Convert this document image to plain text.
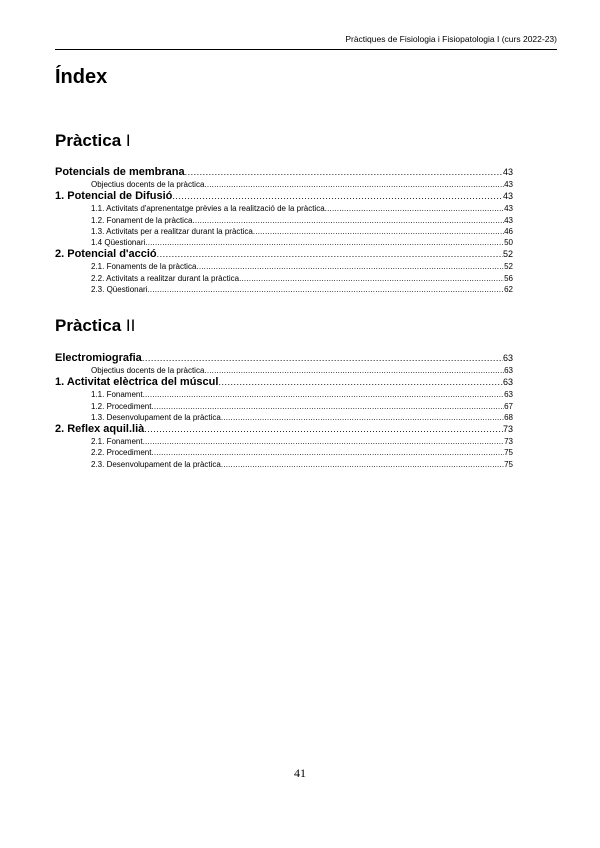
Pràctiques de Fisiologia i Fisiopatologia I (curs 2022-23)
Índex
Pràctica I
Potencials de membrana .....	43
Objectius docents de la pràctica .....	43
1. Potencial de Difusió .....	43
1.1. Activitats d'aprenentatge prèvies a la realització de la pràctica .....	43
1.2. Fonament de la pràctica .....	43
1.3. Activitats per a realitzar durant la pràctica .....	46
1.4 Qüestionari .....	50
2. Potencial d'acció .....	52
2.1. Fonaments de la pràctica .....	52
2.2. Activitats a realitzar durant la pràctica .....	56
2.3. Qüestionari .....	62
Pràctica II
Electromiografia .....	63
Objectius docents de la pràctica .....	63
1. Activitat elèctrica del múscul .....	63
1.1. Fonament .....	63
1.2. Procediment .....	67
1.3. Desenvolupament de la pràctica .....	68
2. Reflex aquil.lià .....	73
2.1. Fonament .....	73
2.2. Procediment .....	75
2.3. Desenvolupament de la pràctica .....	75
41
